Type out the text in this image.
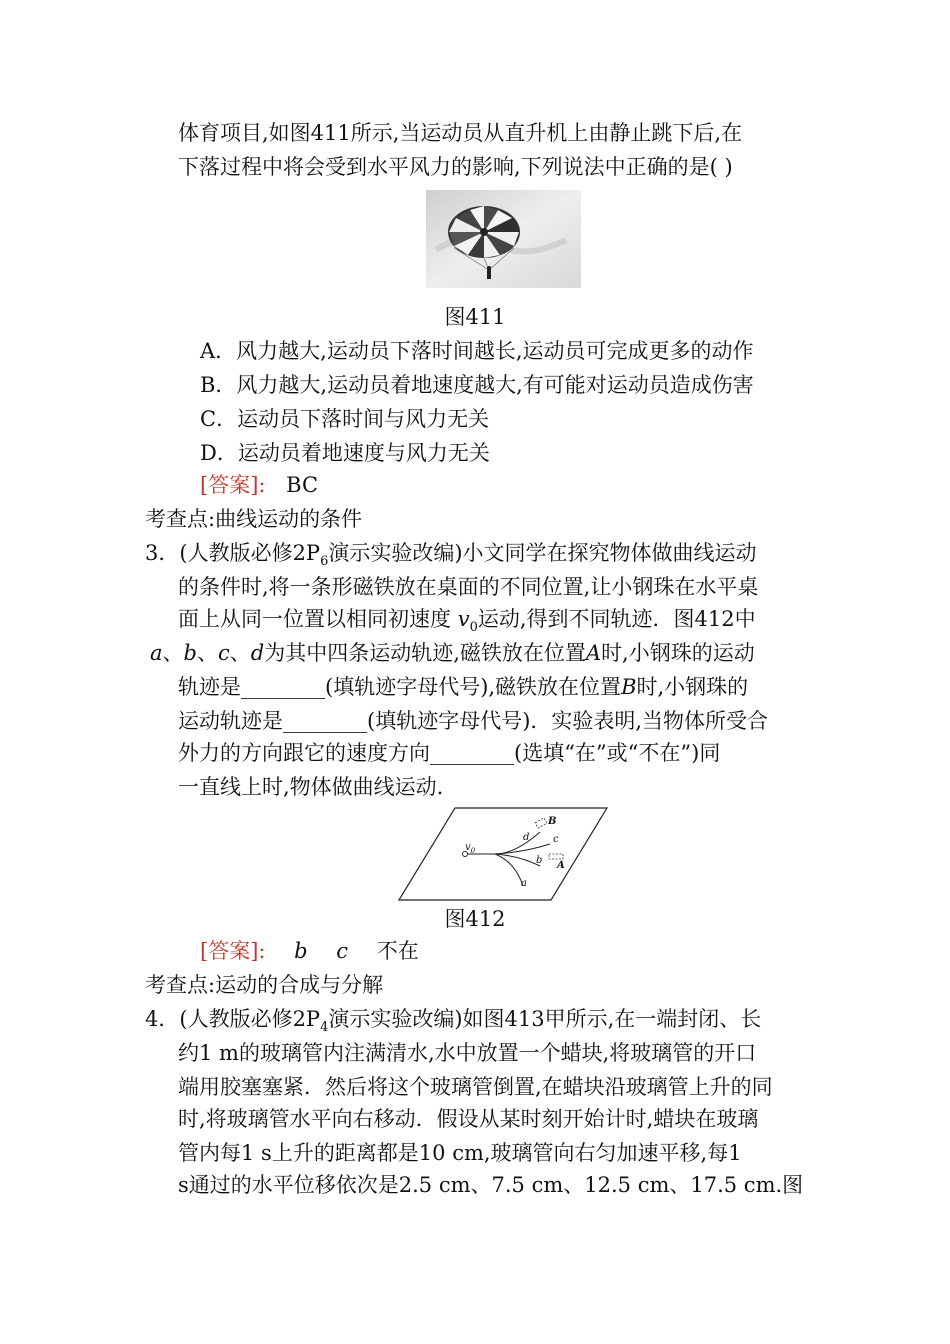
体育项目,如图411所示,当运动员从直升机上由静止跳下后,在
下落过程中将会受到水平风力的影响,下列说法中正确的是( )
图411
A．风力越大,运动员下落时间越长,运动员可完成更多的动作
B．风力越大,运动员着地速度越大,有可能对运动员造成伤害
C．运动员下落时间与风力无关
D．运动员着地速度与风力无关
[答案]: BC
考查点:曲线运动的条件
3．(人教版必修$2P_6$演示实验改编)小文同学在探究物体做曲线运动
的条件时,将一条形磁铁放在桌面的不同位置,让小钢珠在水平桌
面上从同一位置以相同初速度 $v_0$运动,得到不同轨迹．图412中
a、b、c、d为其中四条运动轨迹,磁铁放在位置A时,小钢珠的运动
轨迹是________(填轨迹字母代号),磁铁放在位置B时,小钢珠的
运动轨迹是________(填轨迹字母代号)．实验表明,当物体所受合
外力的方向跟它的速度方向________(选填“在”或“不在”)同
一直线上时,物体做曲线运动.
$v_0$
d c
b
a
B
A
图412
[答案]: b c 不在
考查点:运动的合成与分解
4．(人教版必修$2P_4$演示实验改编)如图413甲所示,在一端封闭、长
约1 m的玻璃管内注满清水,水中放置一个蜡块,将玻璃管的开口
端用胶塞塞紧．然后将这个玻璃管倒置,在蜡块沿玻璃管上升的同
时,将玻璃管水平向右移动．假设从某时刻开始计时,蜡块在玻璃
管内每1 s上升的距离都是10 cm,玻璃管向右匀加速平移,每1
s通过的水平位移依次是2.5 cm、7.5 cm、12.5 cm、17.5 cm.图
